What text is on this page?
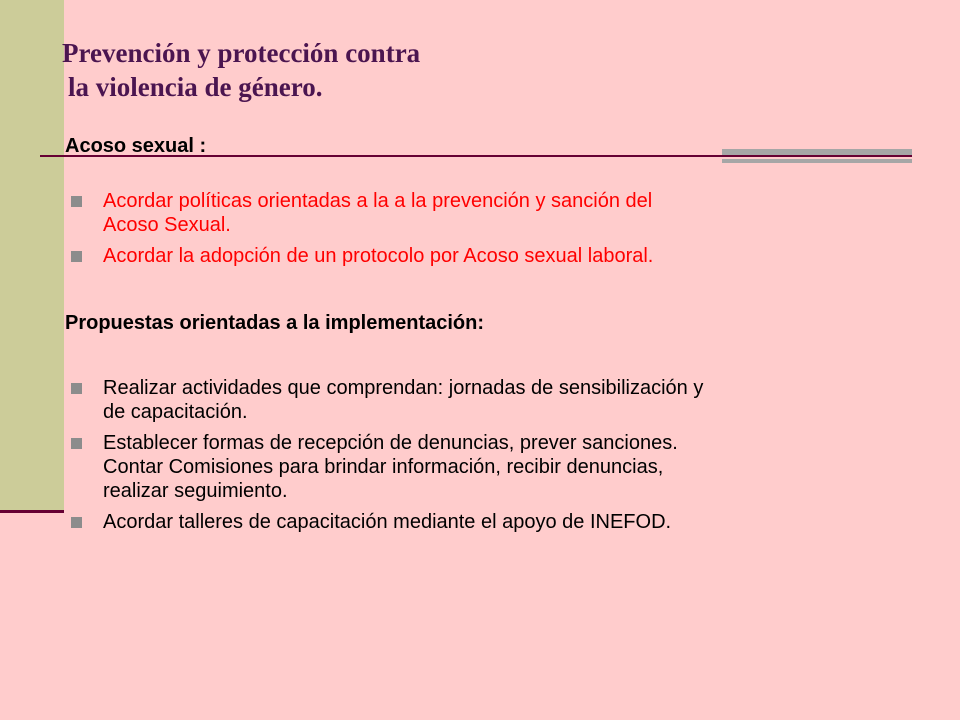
Prevención y protección contra
la violencia de género.
Acoso sexual :
Acordar políticas orientadas a la a la prevención y sanción del
Acoso Sexual.
Acordar la adopción de un protocolo por Acoso sexual laboral.
Propuestas orientadas a la implementación:
Realizar actividades que comprendan: jornadas de sensibilización y
de capacitación.
Establecer formas de recepción de denuncias, prever sanciones.
Contar Comisiones para brindar información, recibir denuncias,
realizar seguimiento.
Acordar talleres de capacitación mediante el apoyo de INEFOD.
